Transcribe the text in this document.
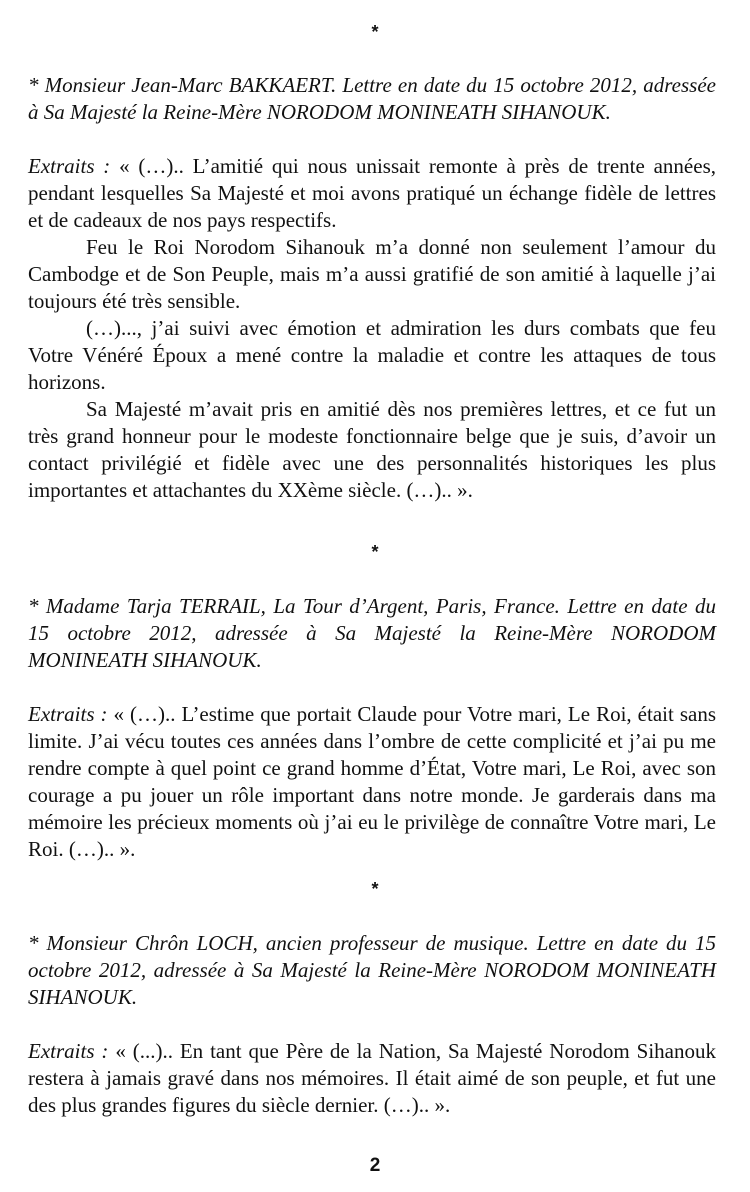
*

* Monsieur Jean-Marc BAKKAERT. Lettre en date du 15 octobre 2012, adressée à Sa Majesté la Reine-Mère NORODOM MONINEATH SIHANOUK.

Extraits : « (…).. L’amitié qui nous unissait remonte à près de trente années, pendant lesquelles Sa Majesté et moi avons pratiqué un échange fidèle de lettres et de cadeaux de nos pays respectifs.

Feu le Roi Norodom Sihanouk m’a donné non seulement l’amour du Cambodge et de Son Peuple, mais m’a aussi gratifié de son amitié à laquelle j’ai toujours été très sensible.

(…)..., j’ai suivi avec émotion et admiration les durs combats que feu Votre Vénéré Époux a mené contre la maladie et contre les attaques de tous horizons.

Sa Majesté m’avait pris en amitié dès nos premières lettres, et ce fut un très grand honneur pour le modeste fonctionnaire belge que je suis, d’avoir un contact privilégié et fidèle avec une des personnalités historiques les plus importantes et attachantes du XXème siècle. (…).. ».

*

* Madame Tarja TERRAIL, La Tour d’Argent, Paris, France. Lettre en date du 15 octobre 2012, adressée à Sa Majesté la Reine-Mère NORODOM MONINEATH SIHANOUK.

Extraits : « (…).. L’estime que portait Claude pour Votre mari, Le Roi, était sans limite. J’ai vécu toutes ces années dans l’ombre de cette complicité et j’ai pu me rendre compte à quel point ce grand homme d’État, Votre mari, Le Roi, avec son courage a pu jouer un rôle important dans notre monde. Je garderais dans ma mémoire les précieux moments où j’ai eu le privilège de connaître Votre mari, Le Roi. (…).. ».

*

* Monsieur Chrôn LOCH, ancien professeur de musique. Lettre en date du 15 octobre 2012, adressée à Sa Majesté la Reine-Mère NORODOM MONINEATH SIHANOUK.

Extraits : « (...).. En tant que Père de la Nation, Sa Majesté Norodom Sihanouk restera à jamais gravé dans nos mémoires. Il était aimé de son peuple, et fut une des plus grandes figures du siècle dernier. (…).. ».

2
